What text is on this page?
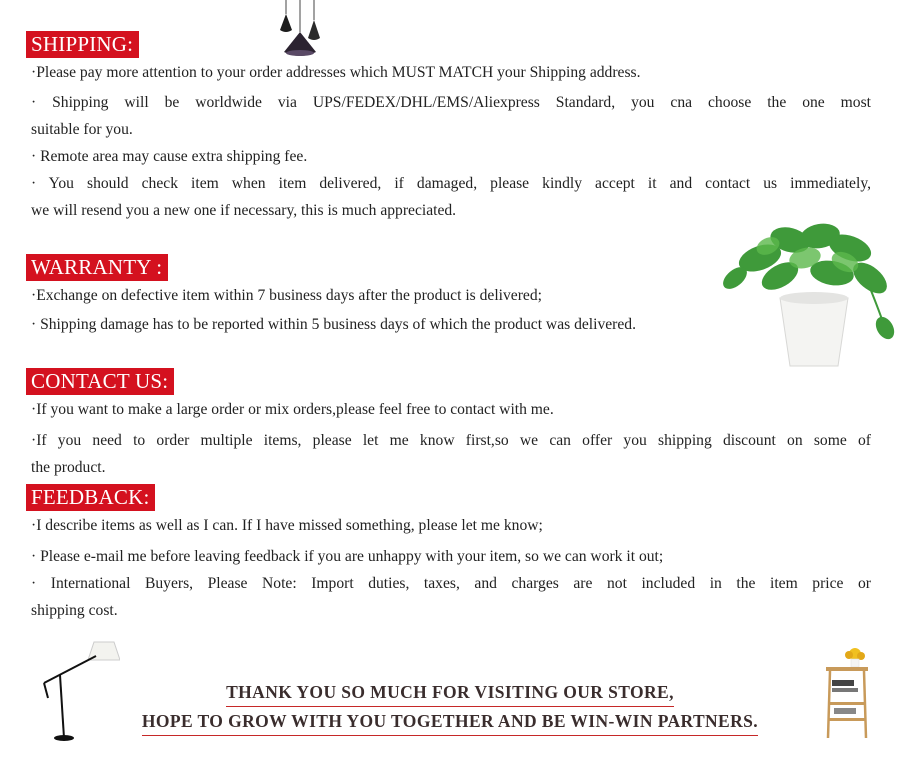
SHIPPING:
·Please pay more attention to your order addresses which MUST MATCH your Shipping address.
· Shipping will be worldwide via UPS/FEDEX/DHL/EMS/Aliexpress Standard, you cna choose the one most
suitable for you.
· Remote area may cause extra shipping fee.
· You should check item when item delivered, if damaged, please kindly accept it and contact us immediately,
we will resend you a new one if necessary, this is much appreciated.
WARRANTY :
·Exchange on defective item within 7 business days after the product is delivered;
· Shipping damage has to be reported within 5 business days of which the product was delivered.
CONTACT US:
·If you want to make a large order or mix orders,please feel free to contact with me.
·If you need to order multiple items, please let me know first,so we can offer you shipping discount on some of
the product.
FEEDBACK:
·I describe items as well as I can. If I have missed something, please let me know;
· Please e-mail me before leaving feedback if you are unhappy with your item, so we can work it out;
· International Buyers, Please Note: Import duties, taxes, and charges are not included in the item price or
shipping cost.
THANK YOU SO MUCH FOR VISITING OUR STORE,
HOPE TO GROW WITH YOU TOGETHER AND BE WIN-WIN PARTNERS.
